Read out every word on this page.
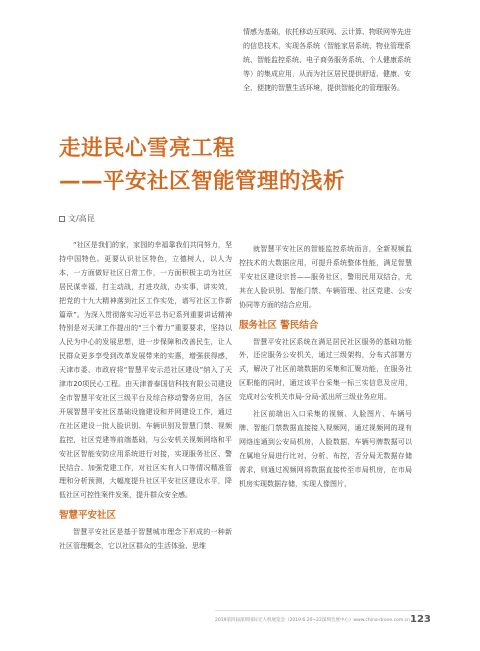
情感为基础，依托移动互联网、云计算、物联网等先进的信息技术，实现各系统（智能家居系统、物业管理系统、智能监控系统、电子商务服务系统、个人健康系统等）的集成应用，从而为社区居民提供舒适、健康、安全、便捷的智慧生活环境，提供智能化的管理服务。

走进民心雪亮工程
——平安社区智能管理的浅析
文/高昆

“社区是我们的家，家园的幸福靠我们共同努力，坚持中国特色。更要认识社区特色，立德树人，以人为本，一方面做好社区日常工作，一方面积极主动为社区居民谋幸福，打主动战，打进攻战，办实事，讲实效，把党的十九大精神落到社区工作实处，谱写社区工作新篇章”。为深入贯彻落实习近平总书记系列重要讲话精神特别是对天津工作提出的“三个着力”重要要求，坚持以人民为中心的发展思想，进一步保障和改善民生，让人民群众更多享受到改革发展带来的实惠，增强获得感，天津市委、市政府将“智慧平安示范社区建设”纳入了天津市20项民心工程。由天津普泰国信科技有限公司建设全市智慧平安社区三级平台及综合移动警务应用，各区开展智慧平安社区基础设施建设和并网建设工作，通过在社区建设一批人脸识别、车辆识别及智慧门禁、视频监控，社区党建等前端基础，与公安机关视频网络和平安社区智能安防应用系统进行对接，实现服务社区、警民结合、加强党建工作，对社区实有人口等情况精准管理和分析预测，大幅度提升社区平安社区建设水平，降低社区可控性案件发案，提升群众安全感。

智慧平安社区

智慧平安社区是基于智慧城市理念下形成的一种新社区管理概念，它以社区群众的生活体验、思维

就智慧平安社区的智能监控系统而言，全新视频监控技术的大数据应用，可提升系统整体性能，满足智慧平安社区建设宗旨——服务社区，警用民用双结合，尤其在人脸识别、智能门禁、车辆管理、社区党建、公安协同等方面的结合应用。

服务社区 警民结合

智慧平安社区系统在满足居民社区服务的基础功能外，还应服务公安机关，通过三级架构，分布式部署方式，解决了社区前端数据的采集和汇聚功能，在服务社区职能的同时，通过该平台采集一标三实信息及应用，完成对公安机关市局-分局-派出所三级业务应用。

社区前端出入口采集的视频、人脸图片、车辆号牌、智能门禁数据直接接入视频网，通过视频网的现有网络连通到公安局机房，人脸数据、车辆号牌数据可以在属地分局进行比对、分析、布控，否分局无数据存储需求，则通过视频网将数据直接传至市局机房，在市局机房实现数据存储，实现人像图片、

2019第四届深圳国际无人机展览会（2019.6.20~22深圳会展中心）www.china-drone.com.cn 123
